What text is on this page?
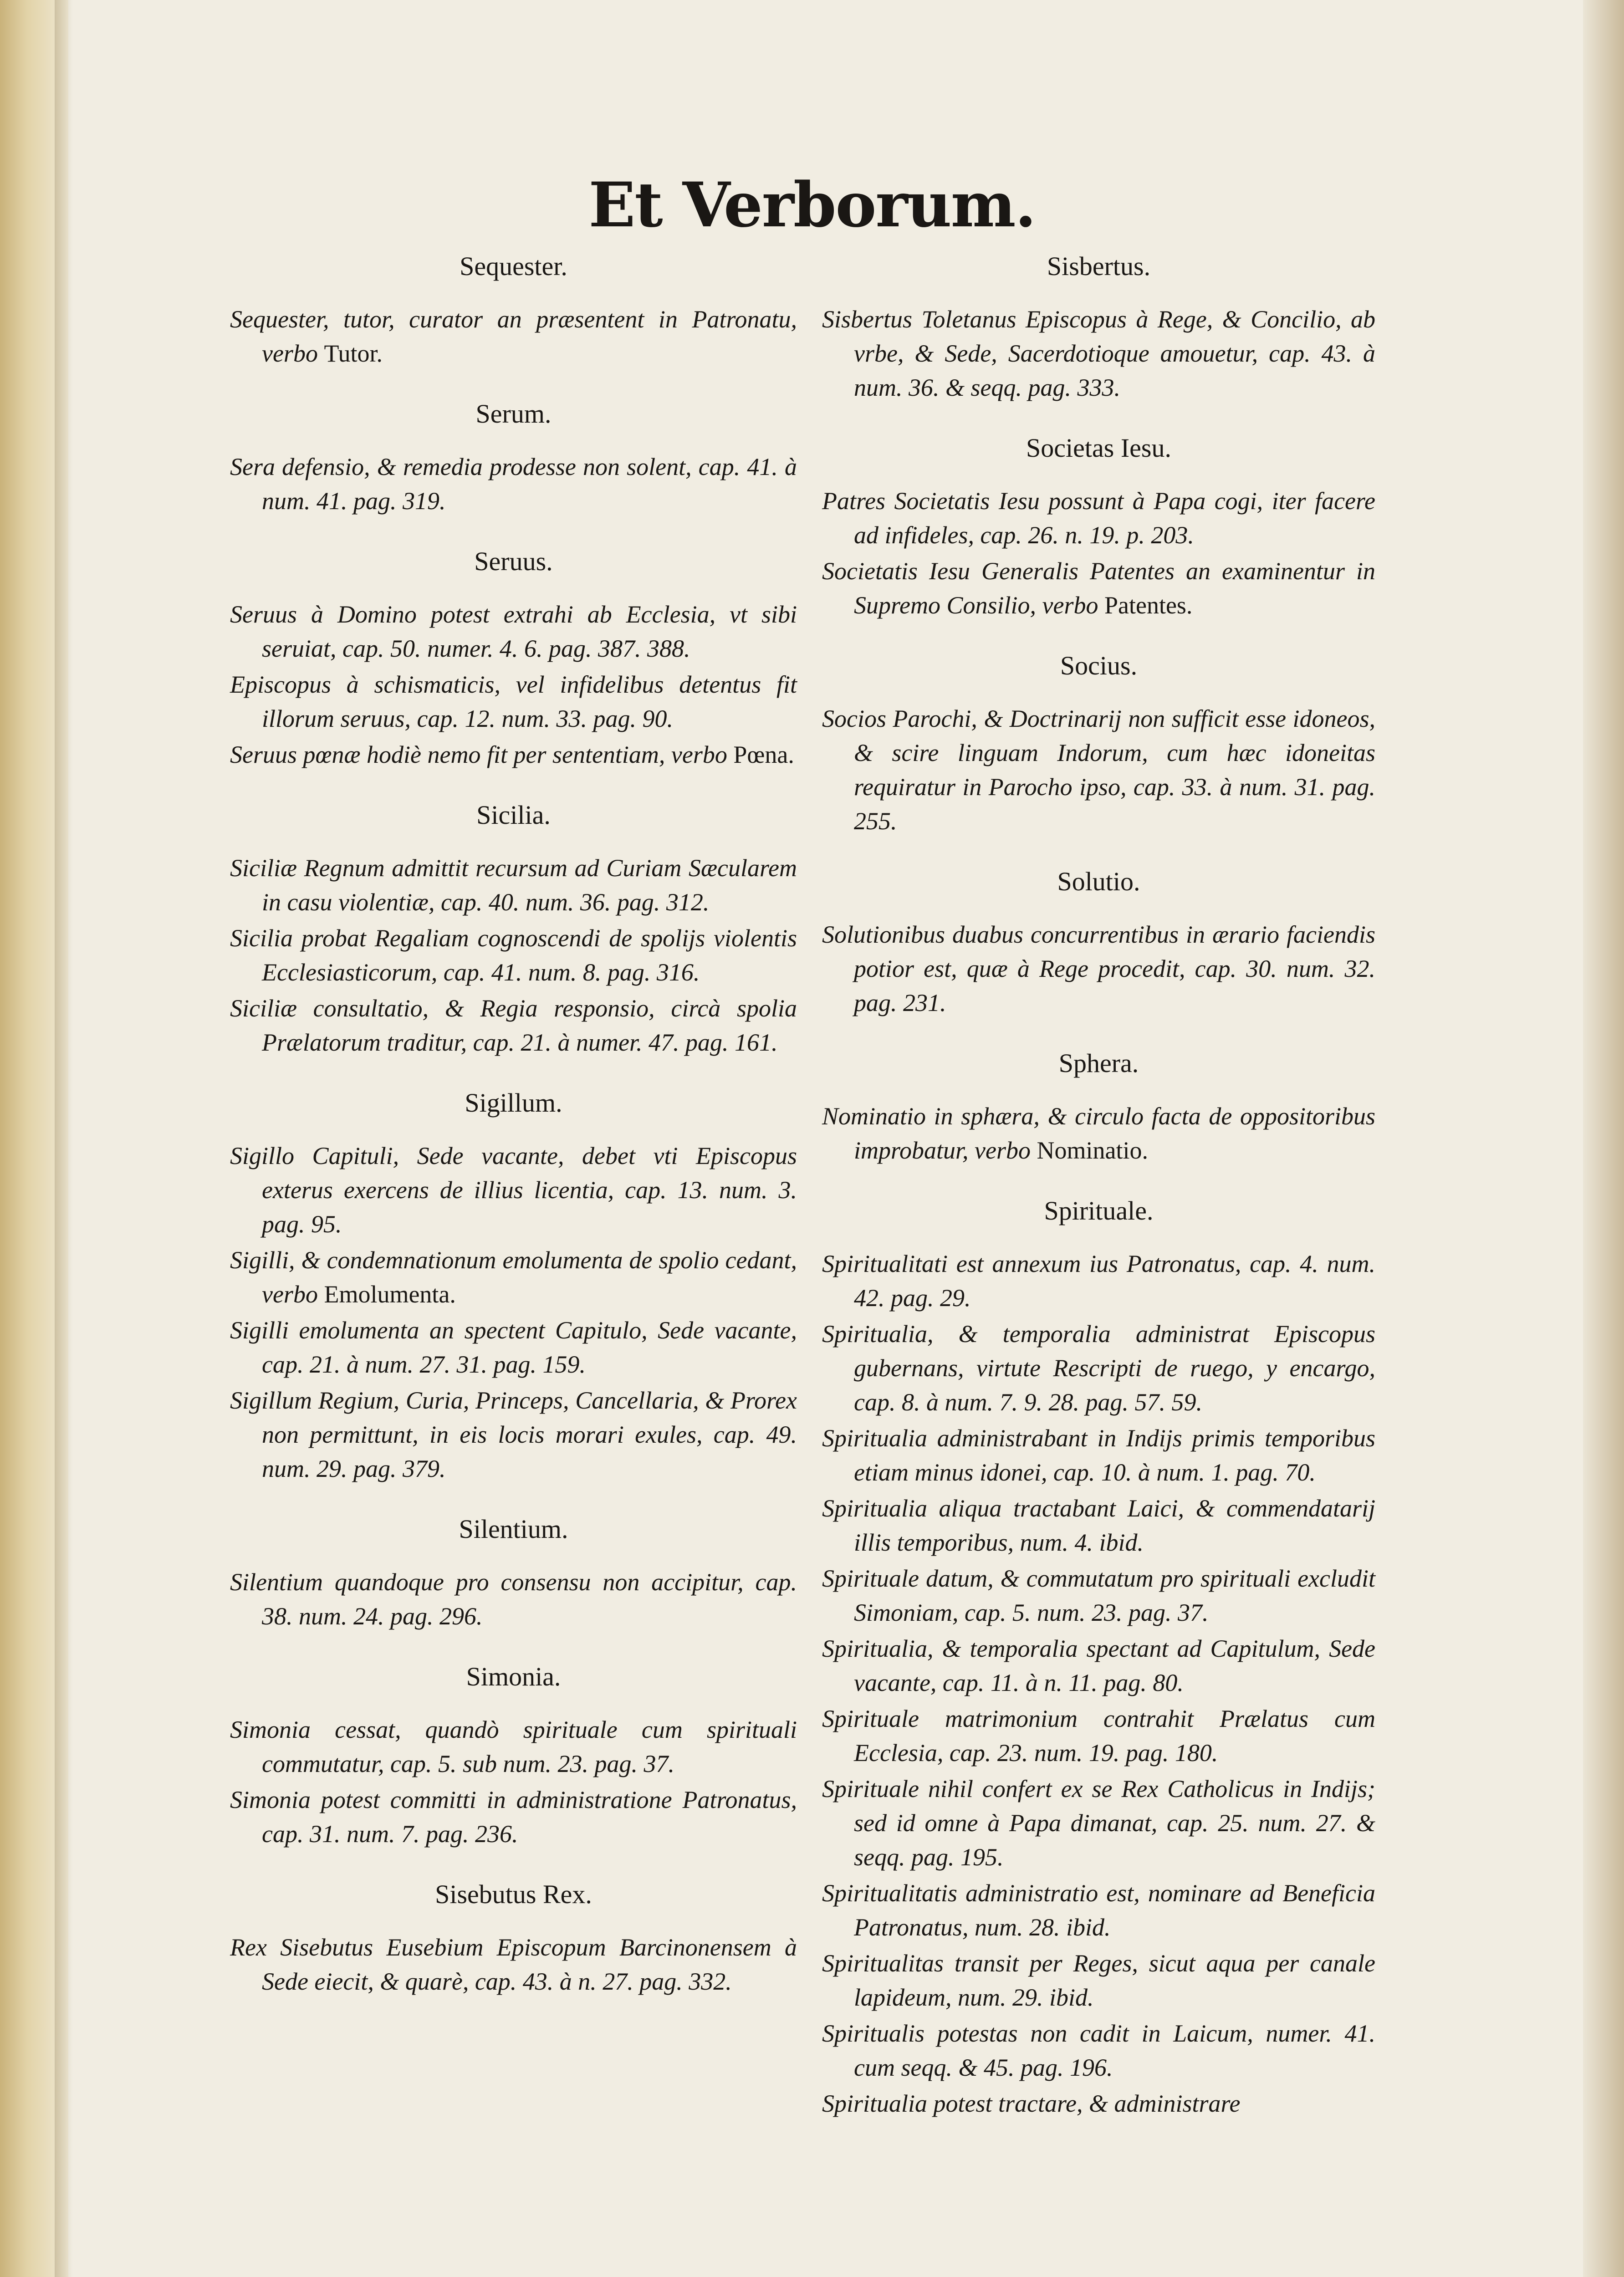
Et Verborum.
Sequester.
Sequester, tutor, curator an præsentent in Patronatu, verbo Tutor.
Serum.
Sera defensio, & remedia prodesse non solent, cap. 41. à num. 41. pag. 319.
Seruus.
Seruus à Domino potest extrahi ab Ecclesia, vt sibi seruiat, cap. 50. numer. 4. 6. pag. 387. 388.
Episcopus à schismaticis, vel infidelibus detentus fit illorum seruus, cap. 12. num. 33. pag. 90.
Seruus pœnæ hodiè nemo fit per sententiam, verbo Pœna.
Sicilia.
Siciliæ Regnum admittit recursum ad Curiam Sæcularem in casu violentiæ, cap. 40. num. 36. pag. 312.
Sicilia probat Regaliam cognoscendi de spolijs violentis Ecclesiasticorum, cap. 41. num. 8. pag. 316.
Siciliæ consultatio, & Regia responsio, circà spolia Prælatorum traditur, cap. 21. à numer. 47. pag. 161.
Sigillum.
Sigillo Capituli, Sede vacante, debet vti Episcopus exterus exercens de illius licentia, cap. 13. num. 3. pag. 95.
Sigilli, & condemnationum emolumenta de spolio cedant, verbo Emolumenta.
Sigilli emolumenta an spectent Capitulo, Sede vacante, cap. 21. à num. 27. 31. pag. 159.
Sigillum Regium, Curia, Princeps, Cancellaria, & Prorex non permittunt, in eis locis morari exules, cap. 49. num. 29. pag. 379.
Silentium.
Silentium quandoque pro consensu non accipitur, cap. 38. num. 24. pag. 296.
Simonia.
Simonia cessat, quandò spirituale cum spirituali commutatur, cap. 5. sub num. 23. pag. 37.
Simonia potest committi in administratione Patronatus, cap. 31. num. 7. pag. 236.
Sisebutus Rex.
Rex Sisebutus Eusebium Episcopum Barcinonensem à Sede eiecit, & quarè, cap. 43. à n. 27. pag. 332.
Sisbertus.
Sisbertus Toletanus Episcopus à Rege, & Concilio, ab vrbe, & Sede, Sacerdotioque amouetur, cap. 43. à num. 36. & seqq. pag. 333.
Societas Iesu.
Patres Societatis Iesu possunt à Papa cogi, iter facere ad infideles, cap. 26. n. 19. p. 203.
Societatis Iesu Generalis Patentes an examinentur in Supremo Consilio, verbo Patentes.
Socius.
Socios Parochi, & Doctrinarij non sufficit esse idoneos, & scire linguam Indorum, cum hæc idoneitas requiratur in Parocho ipso, cap. 33. à num. 31. pag. 255.
Solutio.
Solutionibus duabus concurrentibus in ærario faciendis potior est, quæ à Rege procedit, cap. 30. num. 32. pag. 231.
Sphera.
Nominatio in sphæra, & circulo facta de oppositoribus improbatur, verbo Nominatio.
Spirituale.
Spiritualitati est annexum ius Patronatus, cap. 4. num. 42. pag. 29.
Spiritualia, & temporalia administrat Episcopus gubernans, virtute Rescripti de ruego, y encargo, cap. 8. à num. 7. 9. 28. pag. 57. 59.
Spiritualia administrabant in Indijs primis temporibus etiam minus idonei, cap. 10. à num. 1. pag. 70.
Spiritualia aliqua tractabant Laici, & commendatarij illis temporibus, num. 4. ibid.
Spirituale datum, & commutatum pro spirituali excludit Simoniam, cap. 5. num. 23. pag. 37.
Spiritualia, & temporalia spectant ad Capitulum, Sede vacante, cap. 11. à n. 11. pag. 80.
Spirituale matrimonium contrahit Prælatus cum Ecclesia, cap. 23. num. 19. pag. 180.
Spirituale nihil confert ex se Rex Catholicus in Indijs; sed id omne à Papa dimanat, cap. 25. num. 27. & seqq. pag. 195.
Spiritualitatis administratio est, nominare ad Beneficia Patronatus, num. 28. ibid.
Spiritualitas transit per Reges, sicut aqua per canale lapideum, num. 29. ibid.
Spiritualis potestas non cadit in Laicum, numer. 41. cum seqq. & 45. pag. 196.
Spiritualia potest tractare, & administrare
